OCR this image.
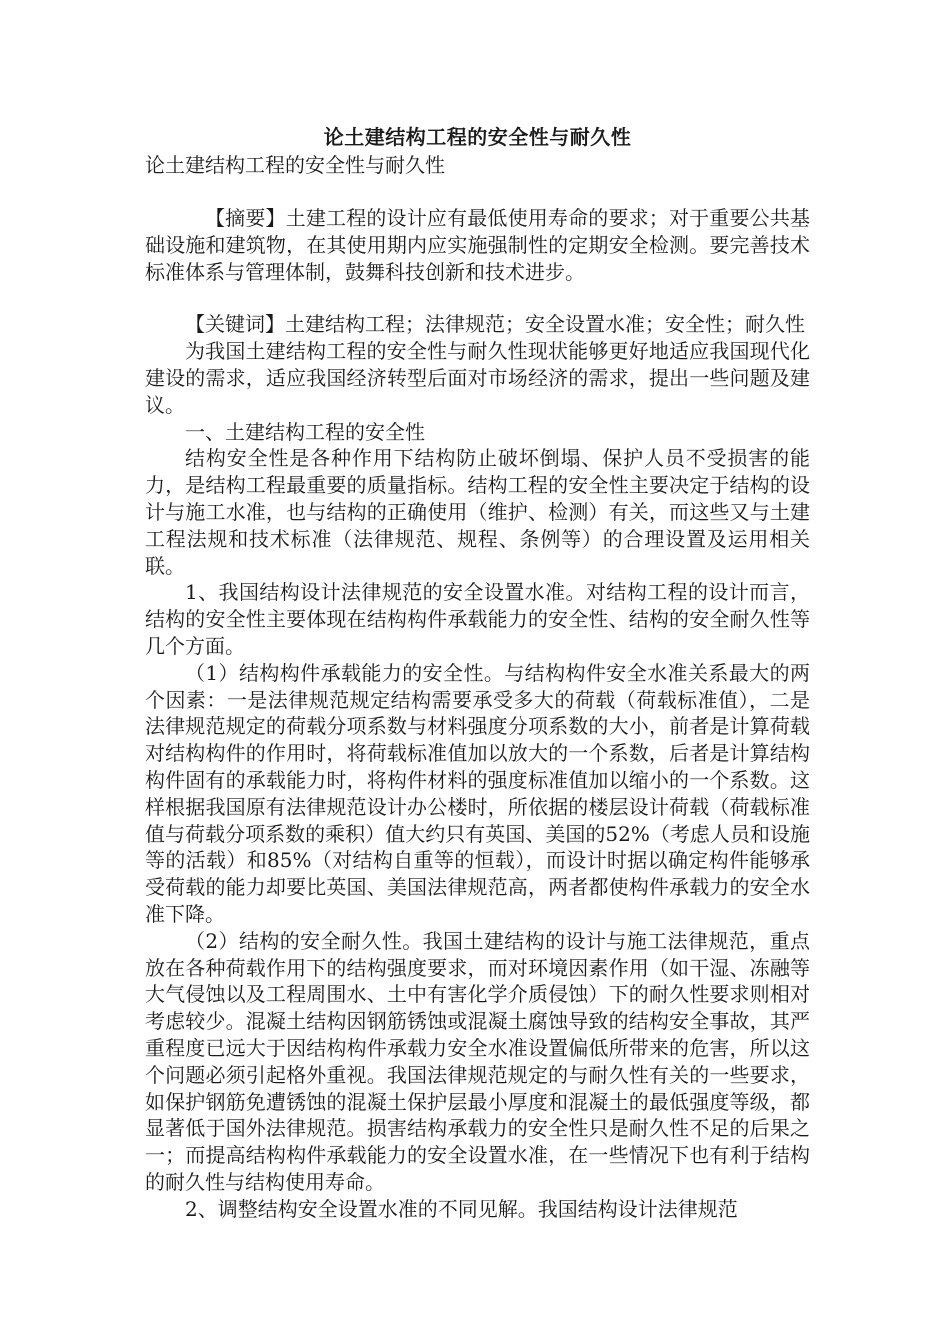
论土建结构工程的安全性与耐久性

论土建结构工程的安全性与耐久性

【摘要】土建工程的设计应有最低使用寿命的要求；对于重要公共基础设施和建筑物，在其使用期内应实施强制性的定期安全检测。要完善技术标准体系与管理体制，鼓舞科技创新和技术进步。

【关键词】土建结构工程；法律规范；安全设置水准；安全性；耐久性

为我国土建结构工程的安全性与耐久性现状能够更好地适应我国现代化建设的需求，适应我国经济转型后面对市场经济的需求，提出一些问题及建议。

一、土建结构工程的安全性

结构安全性是各种作用下结构防止破坏倒塌、保护人员不受损害的能力，是结构工程最重要的质量指标。结构工程的安全性主要决定于结构的设计与施工水准，也与结构的正确使用（维护、检测）有关，而这些又与土建工程法规和技术标准（法律规范、规程、条例等）的合理设置及运用相关联。

1、我国结构设计法律规范的安全设置水准。对结构工程的设计而言，结构的安全性主要体现在结构构件承载能力的安全性、结构的安全耐久性等几个方面。

（1）结构构件承载能力的安全性。与结构构件安全水准关系最大的两个因素：一是法律规范规定结构需要承受多大的荷载（荷载标准值），二是法律规范规定的荷载分项系数与材料强度分项系数的大小，前者是计算荷载对结构构件的作用时，将荷载标准值加以放大的一个系数，后者是计算结构构件固有的承载能力时，将构件材料的强度标准值加以缩小的一个系数。这样根据我国原有法律规范设计办公楼时，所依据的楼层设计荷载（荷载标准值与荷载分项系数的乘积）值大约只有英国、美国的52%（考虑人员和设施等的活载）和85%（对结构自重等的恒载），而设计时据以确定构件能够承受荷载的能力却要比英国、美国法律规范高，两者都使构件承载力的安全水准下降。

（2）结构的安全耐久性。我国土建结构的设计与施工法律规范，重点放在各种荷载作用下的结构强度要求，而对环境因素作用（如干湿、冻融等大气侵蚀以及工程周围水、土中有害化学介质侵蚀）下的耐久性要求则相对考虑较少。混凝土结构因钢筋锈蚀或混凝土腐蚀导致的结构安全事故，其严重程度已远大于因结构构件承载力安全水准设置偏低所带来的危害，所以这个问题必须引起格外重视。我国法律规范规定的与耐久性有关的一些要求，如保护钢筋免遭锈蚀的混凝土保护层最小厚度和混凝土的最低强度等级，都显著低于国外法律规范。损害结构承载力的安全性只是耐久性不足的后果之一；而提高结构构件承载能力的安全设置水准，在一些情况下也有利于结构的耐久性与结构使用寿命。

2、调整结构安全设置水准的不同见解。我国结构设计法律规范
